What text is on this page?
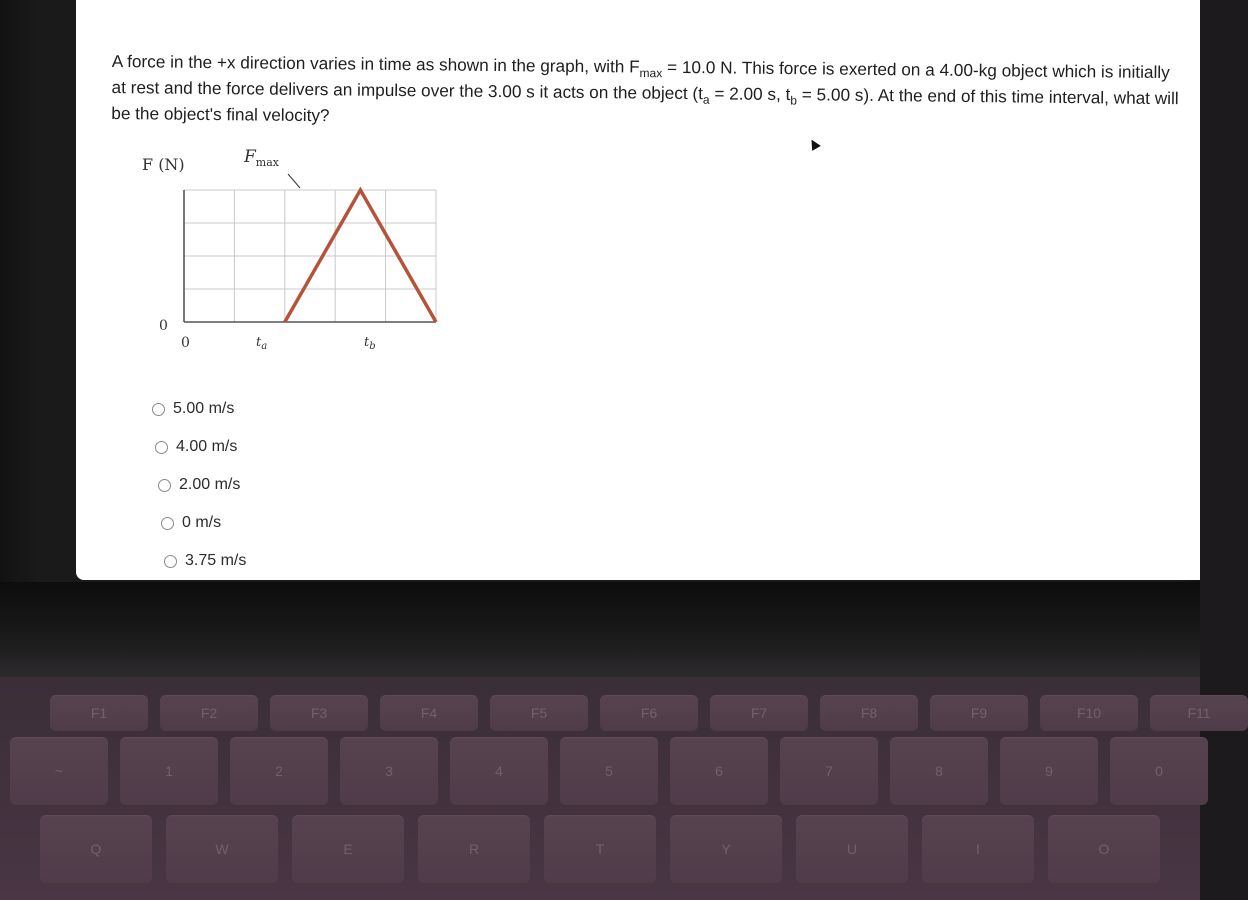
A force in the +x direction varies in time as shown in the graph, with $F_{max} = 10.0$ N. This force is exerted on a 4.00-kg object which is initially at rest and the force delivers an impulse over the 3.00 s it acts on the object ($t_a = 2.00$ s, $t_b = 5.00$ s). At the end of this time interval, what will be the object's final velocity?

F (N)	$F_{max}$
0
0	$t_a$	$t_b$
5.00 m/s
4.00 m/s
2.00 m/s
0 m/s
3.75 m/s
F1	F2	F3	F4	F5	F6	F7	F8	F9	F10	F11
~	1	2	3	4	5	6	7	8	9	0
Q	W	E	R	T	Y	U	I	O
